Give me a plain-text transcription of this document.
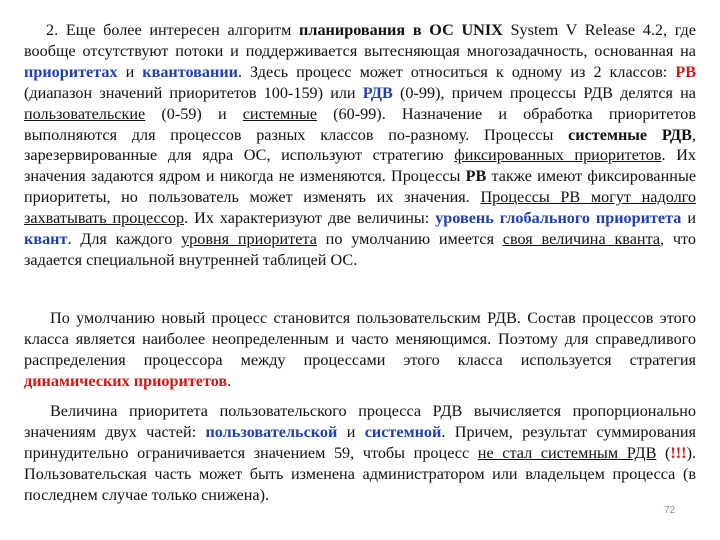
2. Еще более интересен алгоритм планирования в ОС UNIX System V Release 4.2, где вообще отсутствуют потоки и поддерживается вытесняющая многозадачность, основанная на приоритетах и квантовании. Здесь процесс может относиться к одному из 2 классов: РВ (диапазон значений приоритетов 100-159) или РДВ (0-99), причем процессы РДВ делятся на пользовательские (0-59) и системные (60-99). Назначение и обработка приоритетов выполняются для процессов разных классов по-разному. Процессы системные РДВ, зарезервированные для ядра ОС, используют стратегию фиксированных приоритетов. Их значения задаются ядром и никогда не изменяются. Процессы РВ также имеют фиксированные приоритеты, но пользователь может изменять их значения. Процессы РВ могут надолго захватывать процессор. Их характеризуют две величины: уровень глобального приоритета и квант. Для каждого уровня приоритета по умолчанию имеется своя величина кванта, что задается специальной внутренней таблицей ОС.

По умолчанию новый процесс становится пользовательским РДВ. Состав процессов этого класса является наиболее неопределенным и часто меняющимся. Поэтому для справедливого распределения процессора между процессами этого класса используется стратегия динамических приоритетов.

Величина приоритета пользовательского процесса РДВ вычисляется пропорционально значениям двух частей: пользовательской и системной. Причем, результат суммирования принудительно ограничивается значением 59, чтобы процесс не стал системным РДВ (!!!). Пользовательская часть может быть изменена администратором или владельцем процесса (в последнем случае только снижена).

72
